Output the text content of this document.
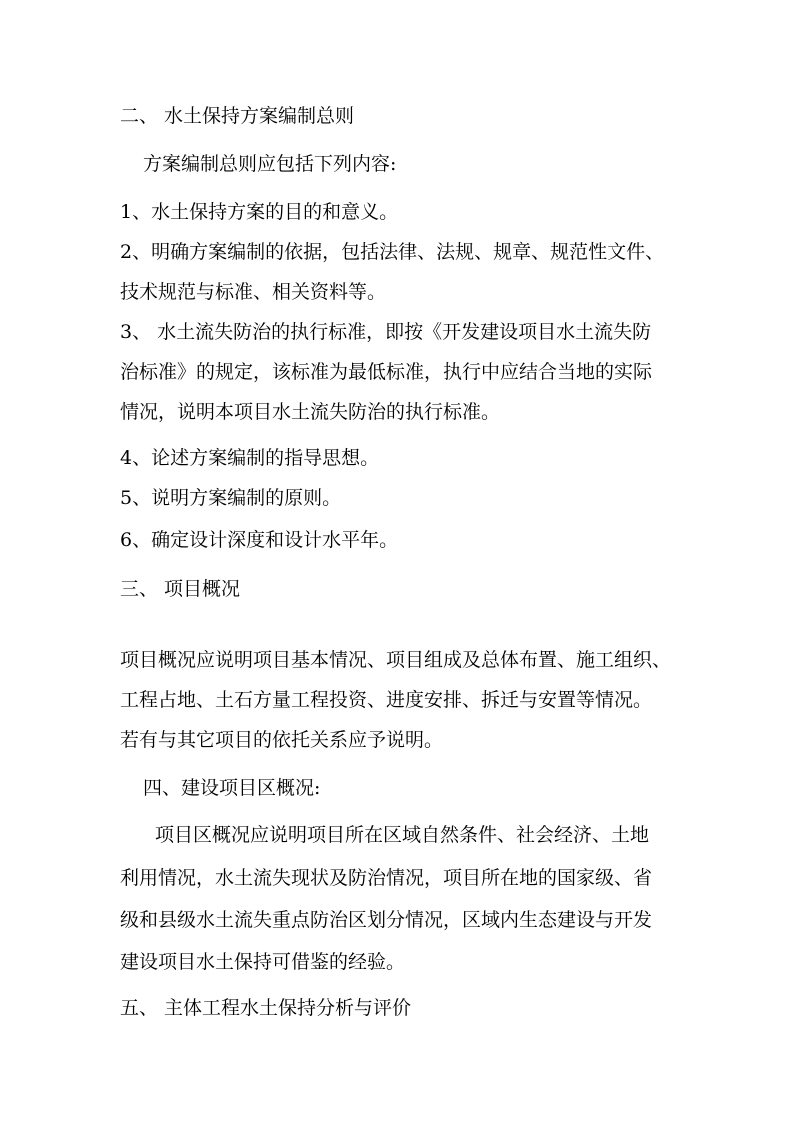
二、 水土保持方案编制总则
方案编制总则应包括下列内容:
1、水土保持方案的目的和意义。
2、明确方案编制的依据，包括法律、法规、规章、规范性文件、
技术规范与标准、相关资料等。
3、 水土流失防治的执行标准，即按《开发建设项目水土流失防
治标准》的规定，该标准为最低标准，执行中应结合当地的实际
情况，说明本项目水土流失防治的执行标准。
4、论述方案编制的指导思想。
5、说明方案编制的原则。
6、确定设计深度和设计水平年。
三、 项目概况
项目概况应说明项目基本情况、项目组成及总体布置、施工组织、
工程占地、土石方量工程投资、进度安排、拆迁与安置等情况。
若有与其它项目的依托关系应予说明。
四、建设项目区概况:
项目区概况应说明项目所在区域自然条件、社会经济、土地
利用情况，水土流失现状及防治情况，项目所在地的国家级、省
级和县级水土流失重点防治区划分情况，区域内生态建设与开发
建设项目水土保持可借鉴的经验。
五、 主体工程水土保持分析与评价
